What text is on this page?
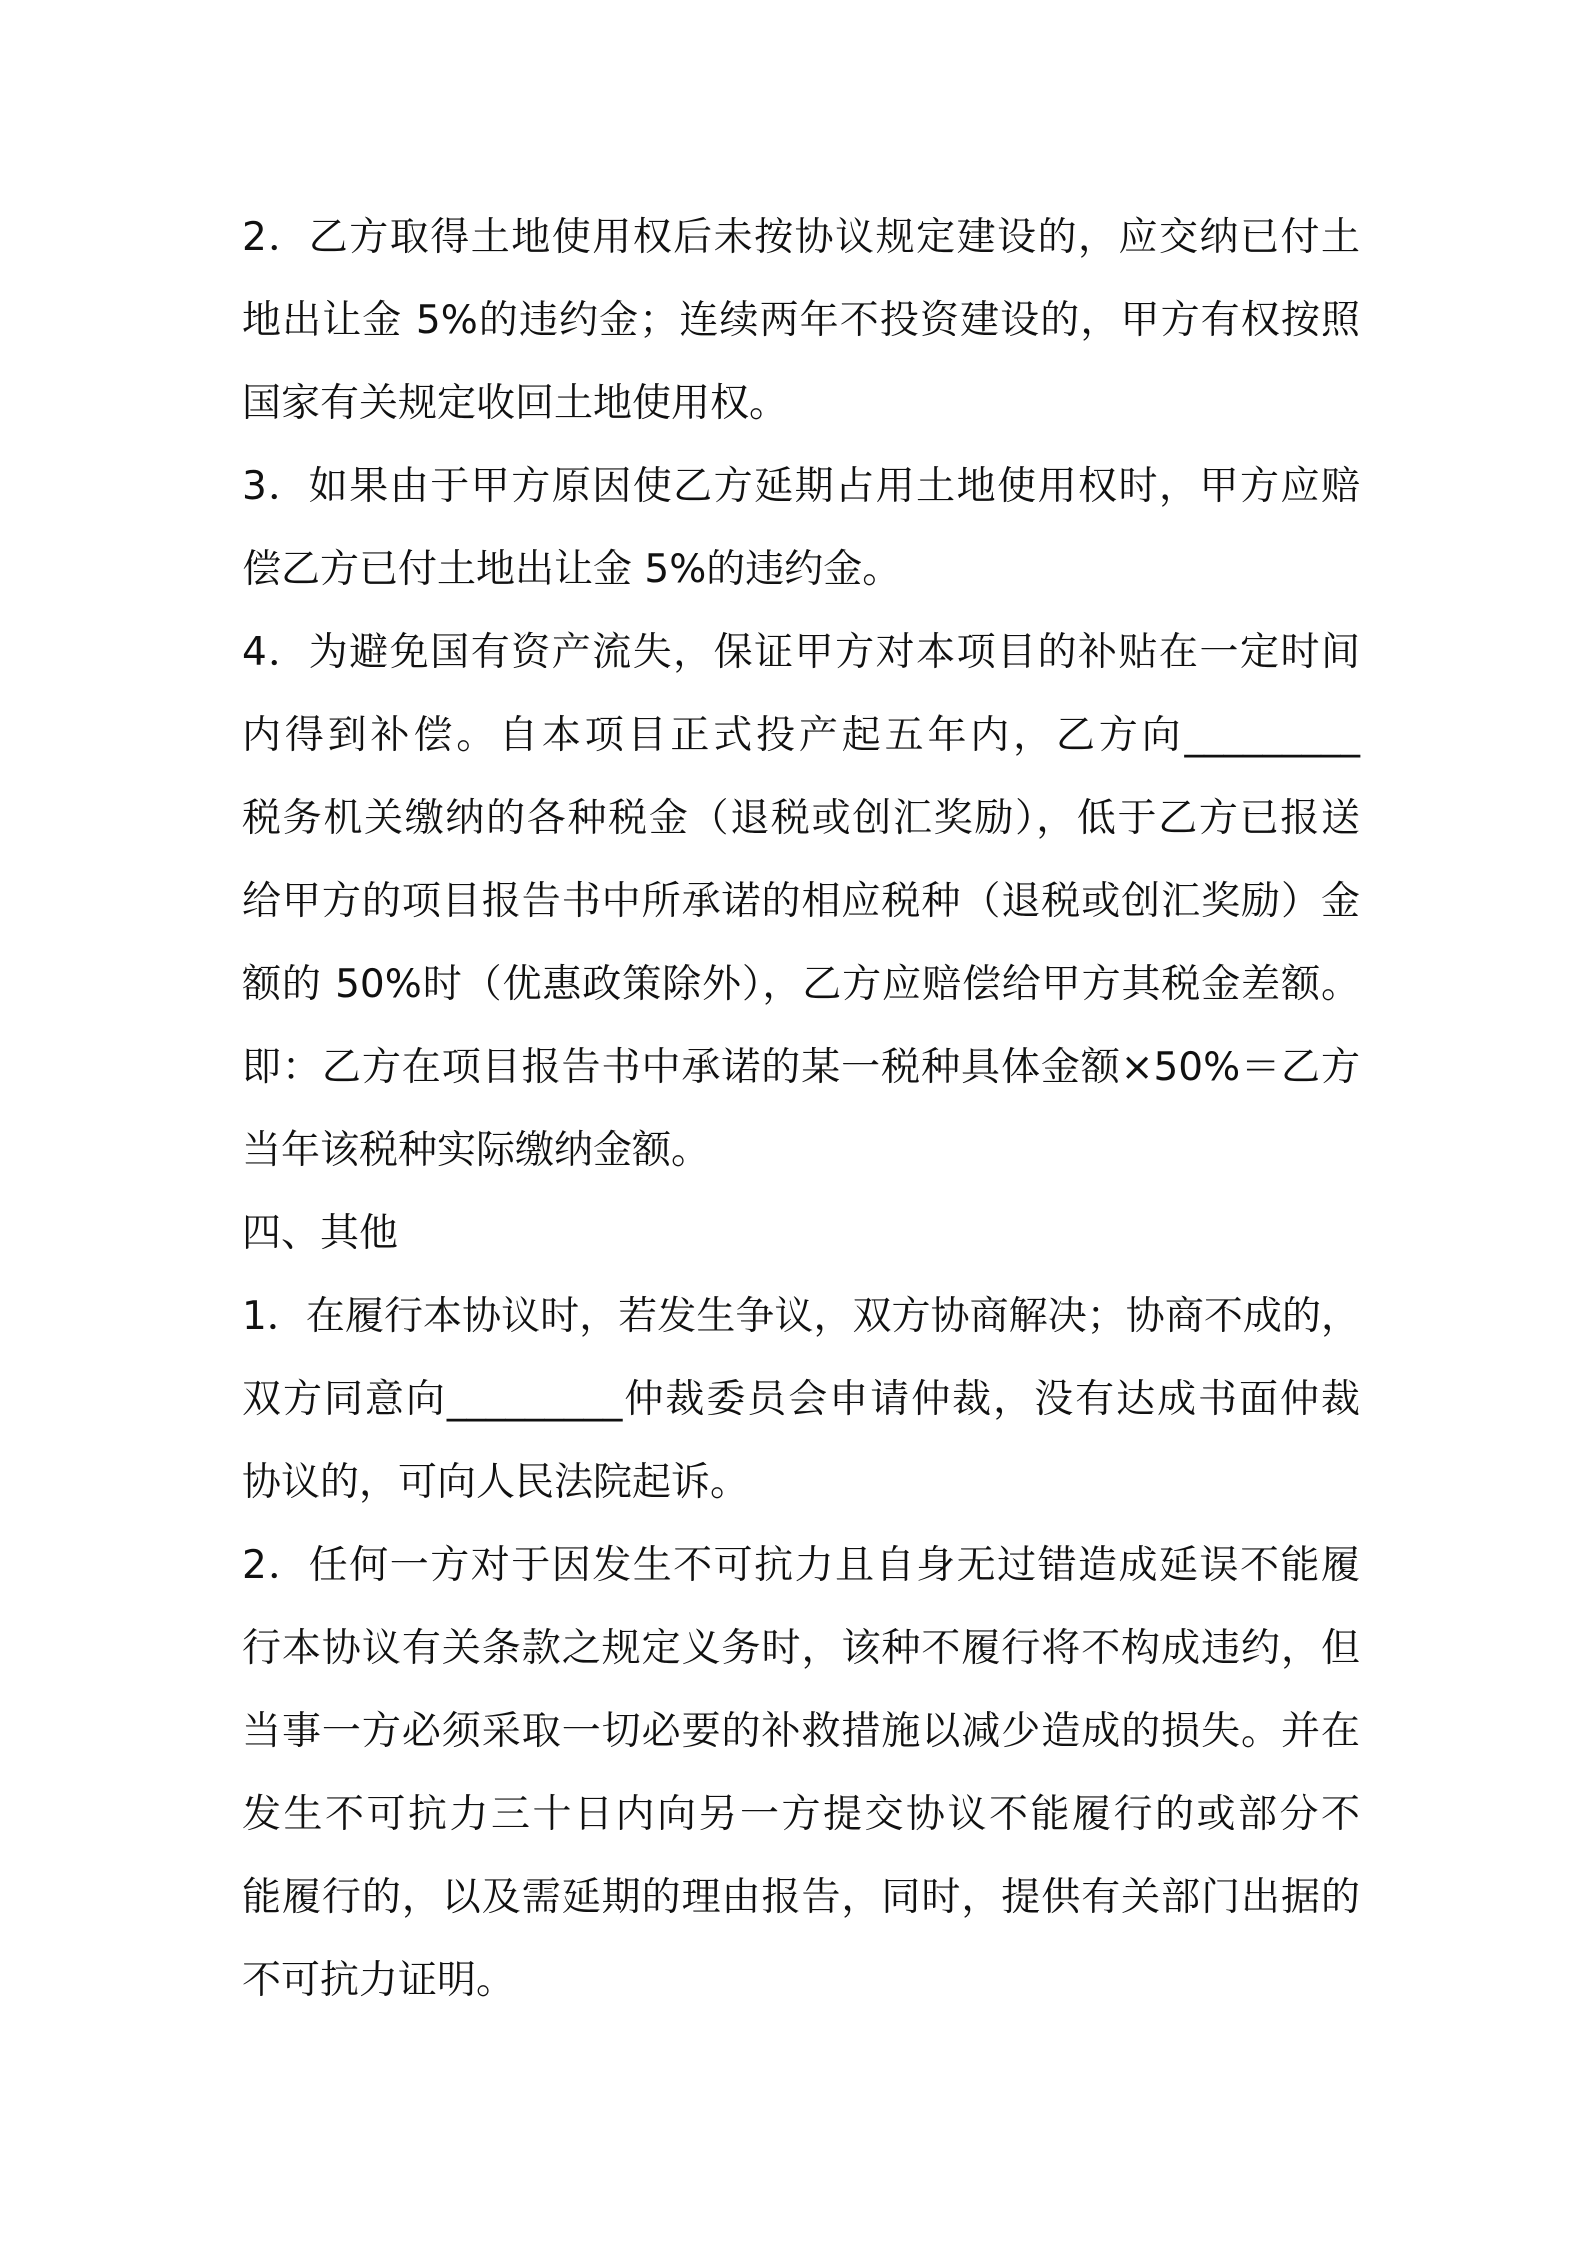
2．乙方取得土地使用权后未按协议规定建设的，应交纳已付土
地出让金 5%的违约金；连续两年不投资建设的，甲方有权按照
国家有关规定收回土地使用权。
3．如果由于甲方原因使乙方延期占用土地使用权时，甲方应赔
偿乙方已付土地出让金 5%的违约金。
4．为避免国有资产流失，保证甲方对本项目的补贴在一定时间
内得到补偿。自本项目正式投产起五年内，乙方向_________
税务机关缴纳的各种税金（退税或创汇奖励），低于乙方已报送
给甲方的项目报告书中所承诺的相应税种（退税或创汇奖励）金
额的 50%时（优惠政策除外），乙方应赔偿给甲方其税金差额。
即：乙方在项目报告书中承诺的某一税种具体金额×50%＝乙方
当年该税种实际缴纳金额。
四、其他
1．在履行本协议时，若发生争议，双方协商解决；协商不成的，
双方同意向_________仲裁委员会申请仲裁，没有达成书面仲裁
协议的，可向人民法院起诉。
2．任何一方对于因发生不可抗力且自身无过错造成延误不能履
行本协议有关条款之规定义务时，该种不履行将不构成违约，但
当事一方必须采取一切必要的补救措施以减少造成的损失。并在
发生不可抗力三十日内向另一方提交协议不能履行的或部分不
能履行的，以及需延期的理由报告，同时，提供有关部门出据的
不可抗力证明。
